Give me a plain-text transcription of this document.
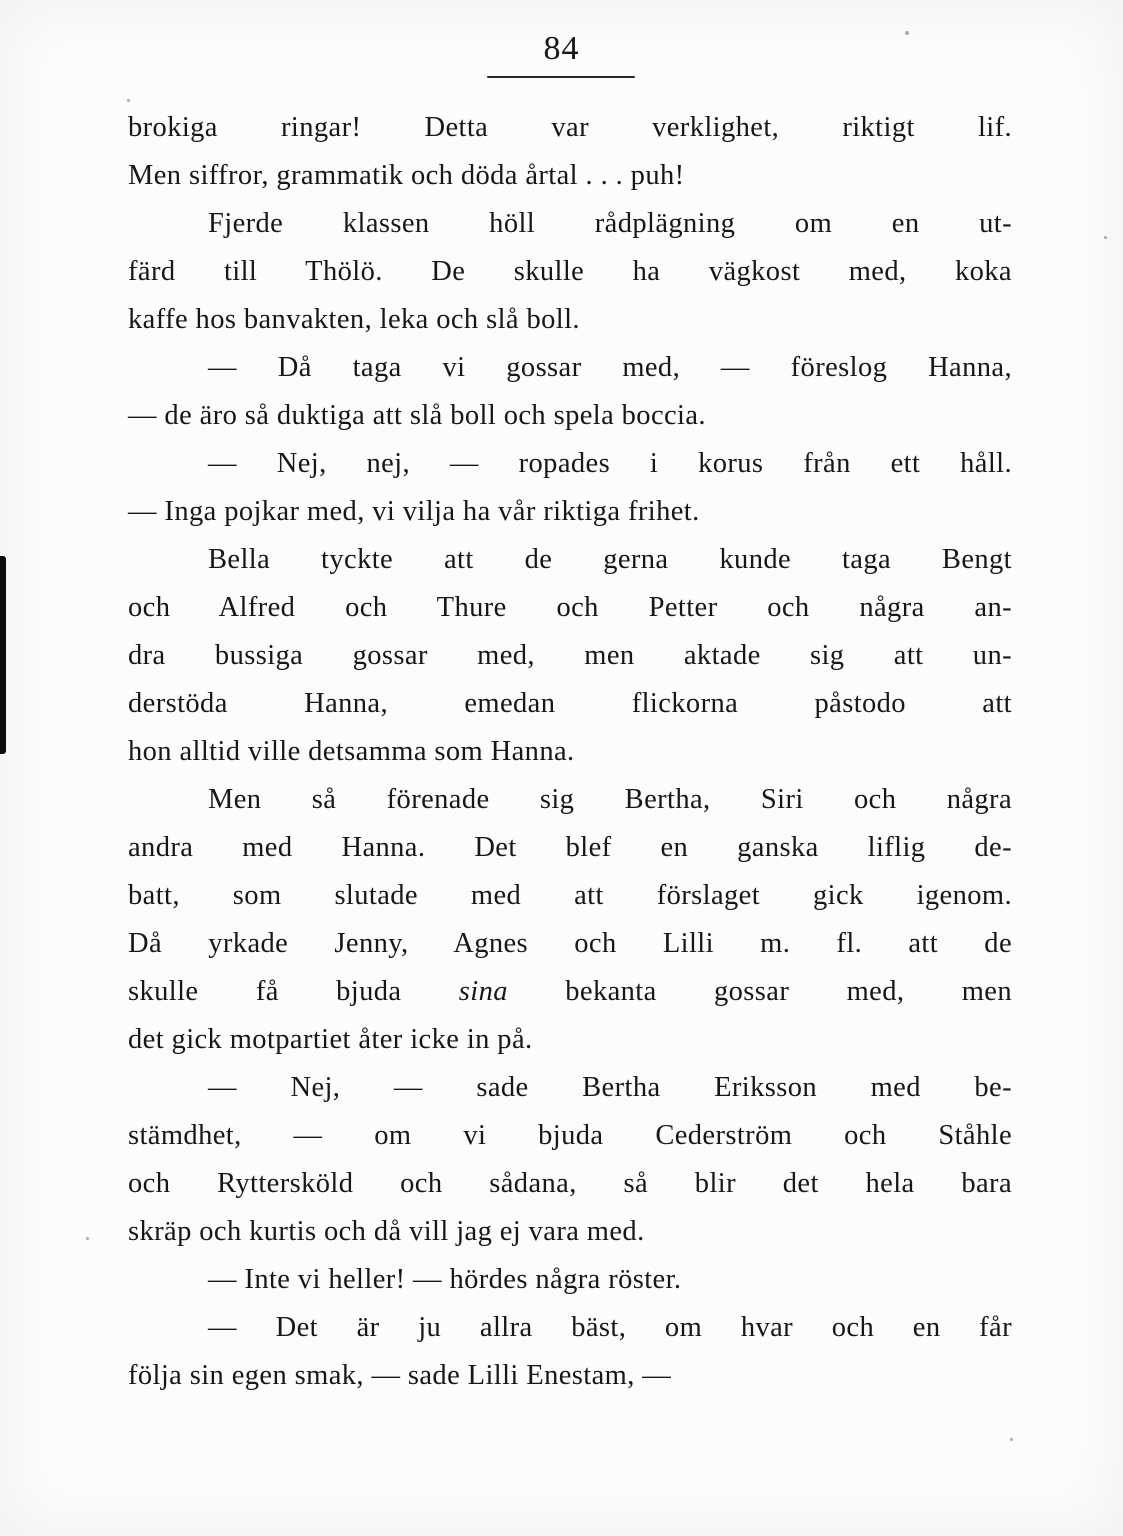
84
brokiga ringar! Detta var verklighet, riktigt lif.
Men siffror, grammatik och döda årtal . . . puh!
Fjerde klassen höll rådplägning om en ut-
färd till Thölö. De skulle ha vägkost med, koka
kaffe hos banvakten, leka och slå boll.
— Då taga vi gossar med, — föreslog Hanna,
— de äro så duktiga att slå boll och spela boccia.
— Nej, nej, — ropades i korus från ett håll.
— Inga pojkar med, vi vilja ha vår riktiga frihet.
Bella tyckte att de gerna kunde taga Bengt
och Alfred och Thure och Petter och några an-
dra bussiga gossar med, men aktade sig att un-
derstöda Hanna, emedan flickorna påstodo att
hon alltid ville detsamma som Hanna.
Men så förenade sig Bertha, Siri och några
andra med Hanna. Det blef en ganska liflig de-
batt, som slutade med att förslaget gick igenom.
Då yrkade Jenny, Agnes och Lilli m. fl. att de
skulle få bjuda sina bekanta gossar med, men
det gick motpartiet åter icke in på.
— Nej, — sade Bertha Eriksson med be-
stämdhet, — om vi bjuda Cederström och Ståhle
och Ryttersköld och sådana, så blir det hela bara
skräp och kurtis och då vill jag ej vara med.
— Inte vi heller! — hördes några röster.
— Det är ju allra bäst, om hvar och en får
följa sin egen smak, — sade Lilli Enestam, —
